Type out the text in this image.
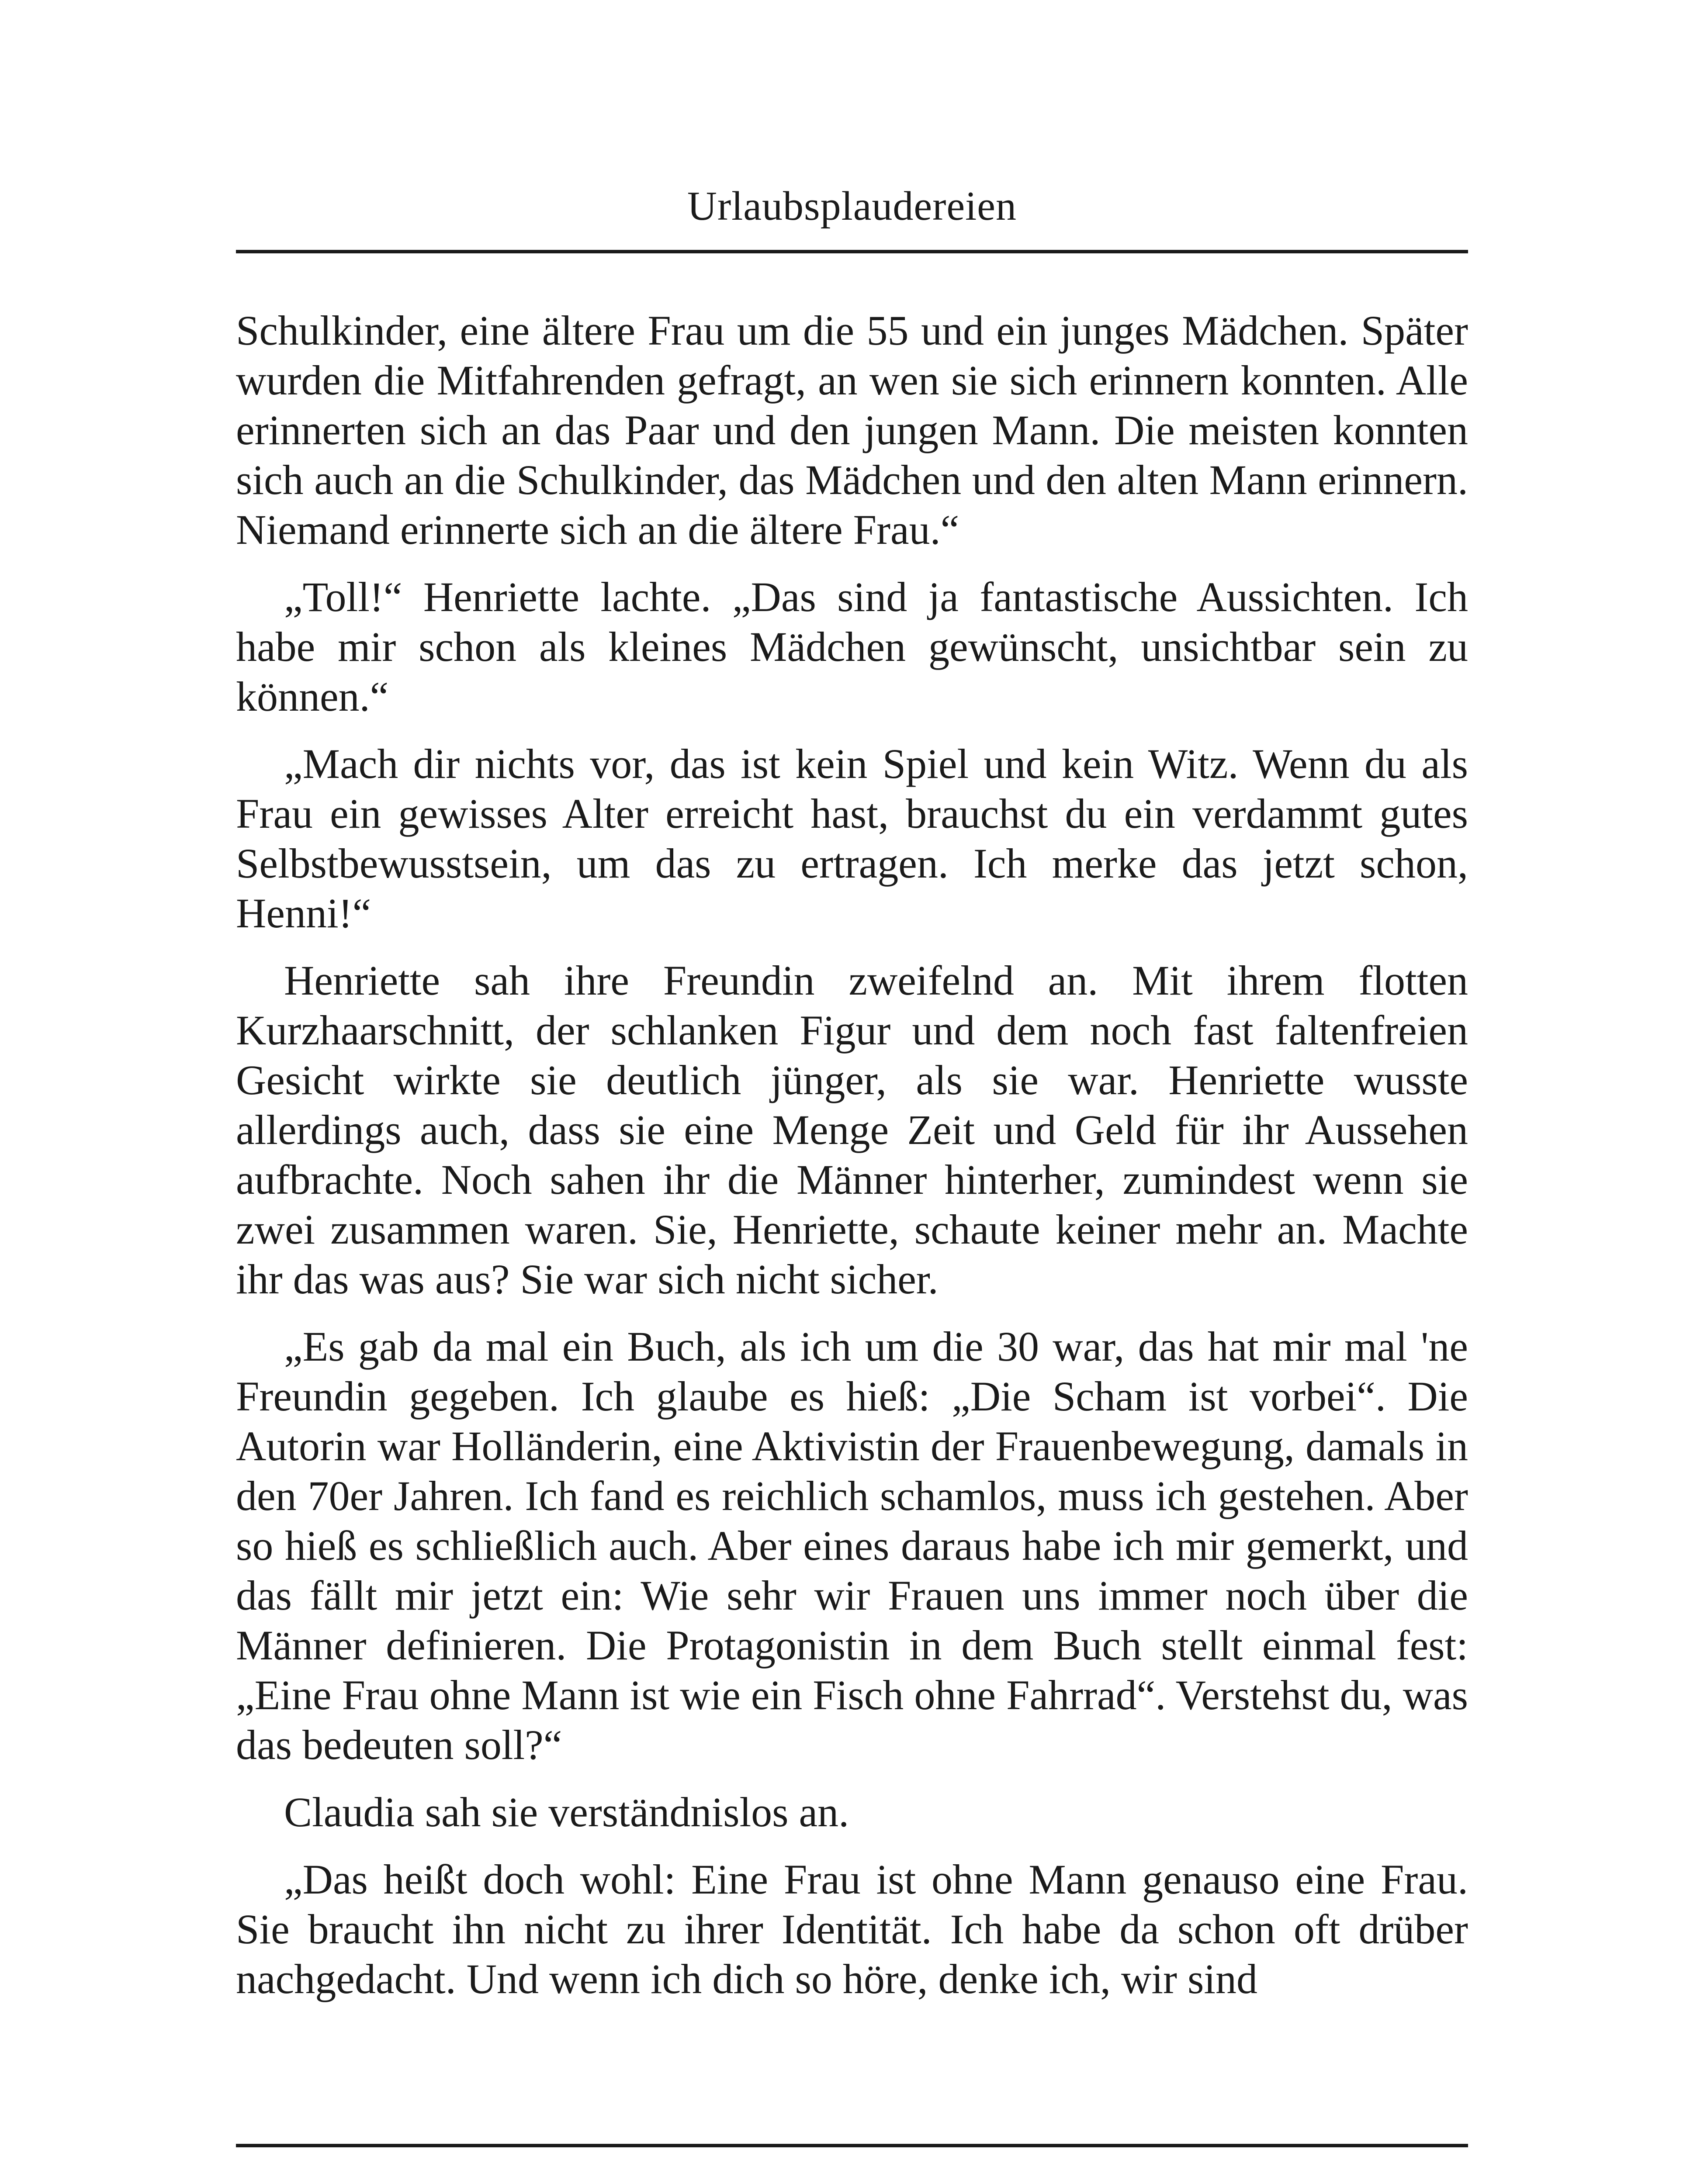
Urlaubsplaudereien

Schulkinder, eine ältere Frau um die 55 und ein junges Mädchen. Später wurden die Mitfahrenden gefragt, an wen sie sich erinnern konnten. Alle erinnerten sich an das Paar und den jungen Mann. Die meisten konnten sich auch an die Schulkinder, das Mädchen und den alten Mann erinnern. Niemand erinnerte sich an die ältere Frau.“

„Toll!“ Henriette lachte. „Das sind ja fantastische Aussichten. Ich habe mir schon als kleines Mädchen gewünscht, unsichtbar sein zu können.“

„Mach dir nichts vor, das ist kein Spiel und kein Witz. Wenn du als Frau ein gewisses Alter erreicht hast, brauchst du ein verdammt gutes Selbstbewusstsein, um das zu ertragen. Ich merke das jetzt schon, Henni!“

Henriette sah ihre Freundin zweifelnd an. Mit ihrem flotten Kurzhaarschnitt, der schlanken Figur und dem noch fast faltenfreien Gesicht wirkte sie deutlich jünger, als sie war. Henriette wusste allerdings auch, dass sie eine Menge Zeit und Geld für ihr Aussehen aufbrachte. Noch sahen ihr die Männer hinterher, zumindest wenn sie zwei zusammen waren. Sie, Henriette, schaute keiner mehr an. Machte ihr das was aus? Sie war sich nicht sicher.

„Es gab da mal ein Buch, als ich um die 30 war, das hat mir mal 'ne Freundin gegeben. Ich glaube es hieß: „Die Scham ist vorbei“. Die Autorin war Holländerin, eine Aktivistin der Frauenbewegung, damals in den 70er Jahren. Ich fand es reichlich schamlos, muss ich gestehen. Aber so hieß es schließlich auch. Aber eines daraus habe ich mir gemerkt, und das fällt mir jetzt ein: Wie sehr wir Frauen uns immer noch über die Männer definieren. Die Protagonistin in dem Buch stellt einmal fest: „Eine Frau ohne Mann ist wie ein Fisch ohne Fahrrad“. Verstehst du, was das bedeuten soll?“

Claudia sah sie verständnislos an.

„Das heißt doch wohl: Eine Frau ist ohne Mann genauso eine Frau. Sie braucht ihn nicht zu ihrer Identität. Ich habe da schon oft drüber nachgedacht. Und wenn ich dich so höre, denke ich, wir sind
